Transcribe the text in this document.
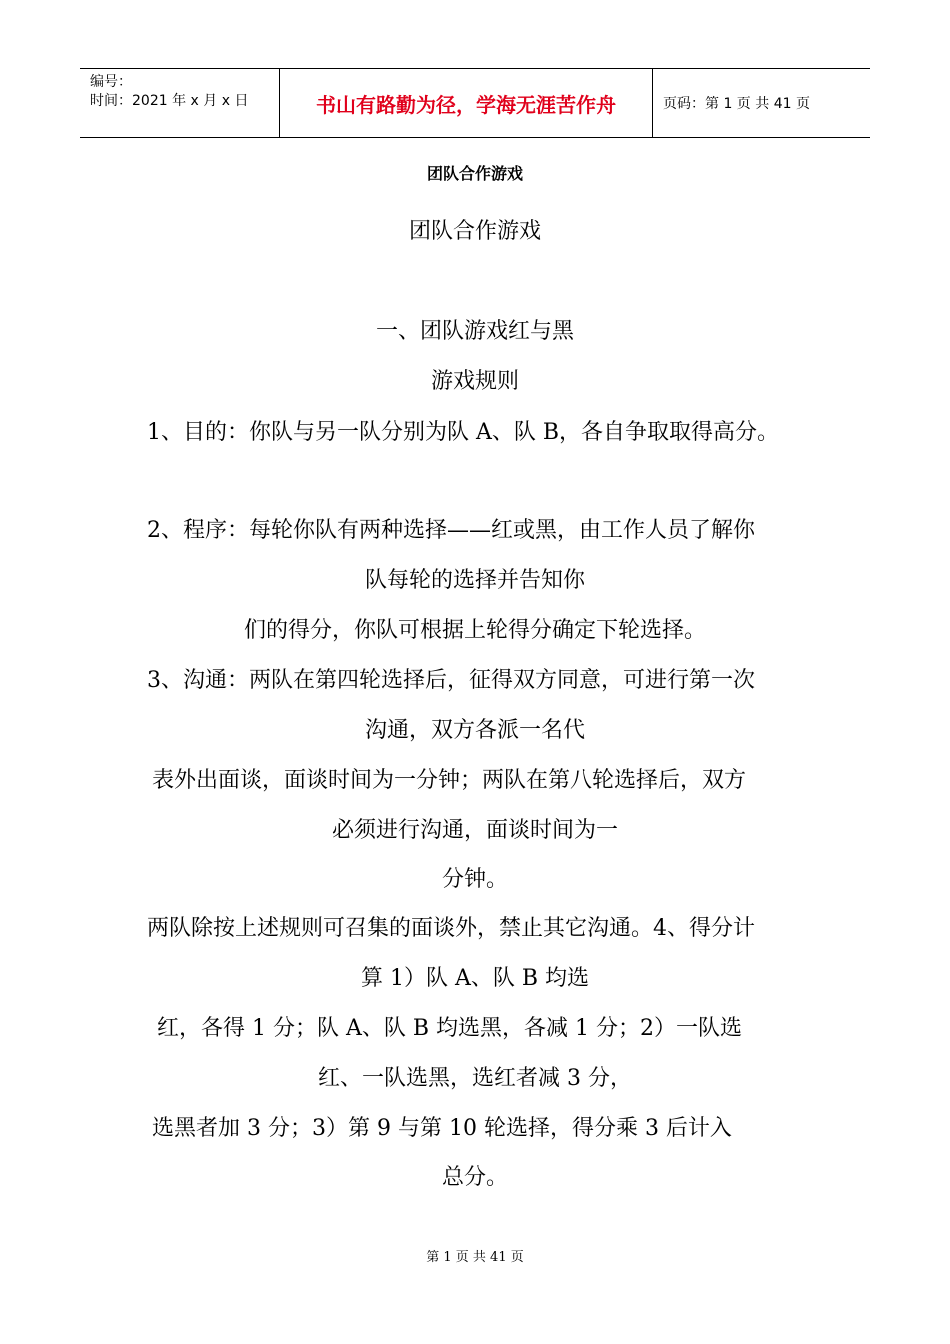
编号：
时间：2021 年 x 月 x 日	书山有路勤为径，学海无涯苦作舟	页码：第 1 页 共 41 页
团队合作游戏
团队合作游戏
一、团队游戏红与黑
游戏规则
1、目的：你队与另一队分别为队 A、队 B，各自争取取得高分。
2、程序：每轮你队有两种选择——红或黑，由工作人员了解你
队每轮的选择并告知你
们的得分，你队可根据上轮得分确定下轮选择。
3、沟通：两队在第四轮选择后，征得双方同意，可进行第一次
沟通，双方各派一名代
表外出面谈，面谈时间为一分钟；两队在第八轮选择后，双方
必须进行沟通，面谈时间为一
分钟。
两队除按上述规则可召集的面谈外，禁止其它沟通。4、得分计
算 1）队 A、队 B 均选
红，各得 1 分；队 A、队 B 均选黑，各减 1 分；2）一队选
红、一队选黑，选红者减 3 分，
选黑者加 3 分；3）第 9 与第 10 轮选择，得分乘 3 后计入
总分。
第 1 页 共 41 页
